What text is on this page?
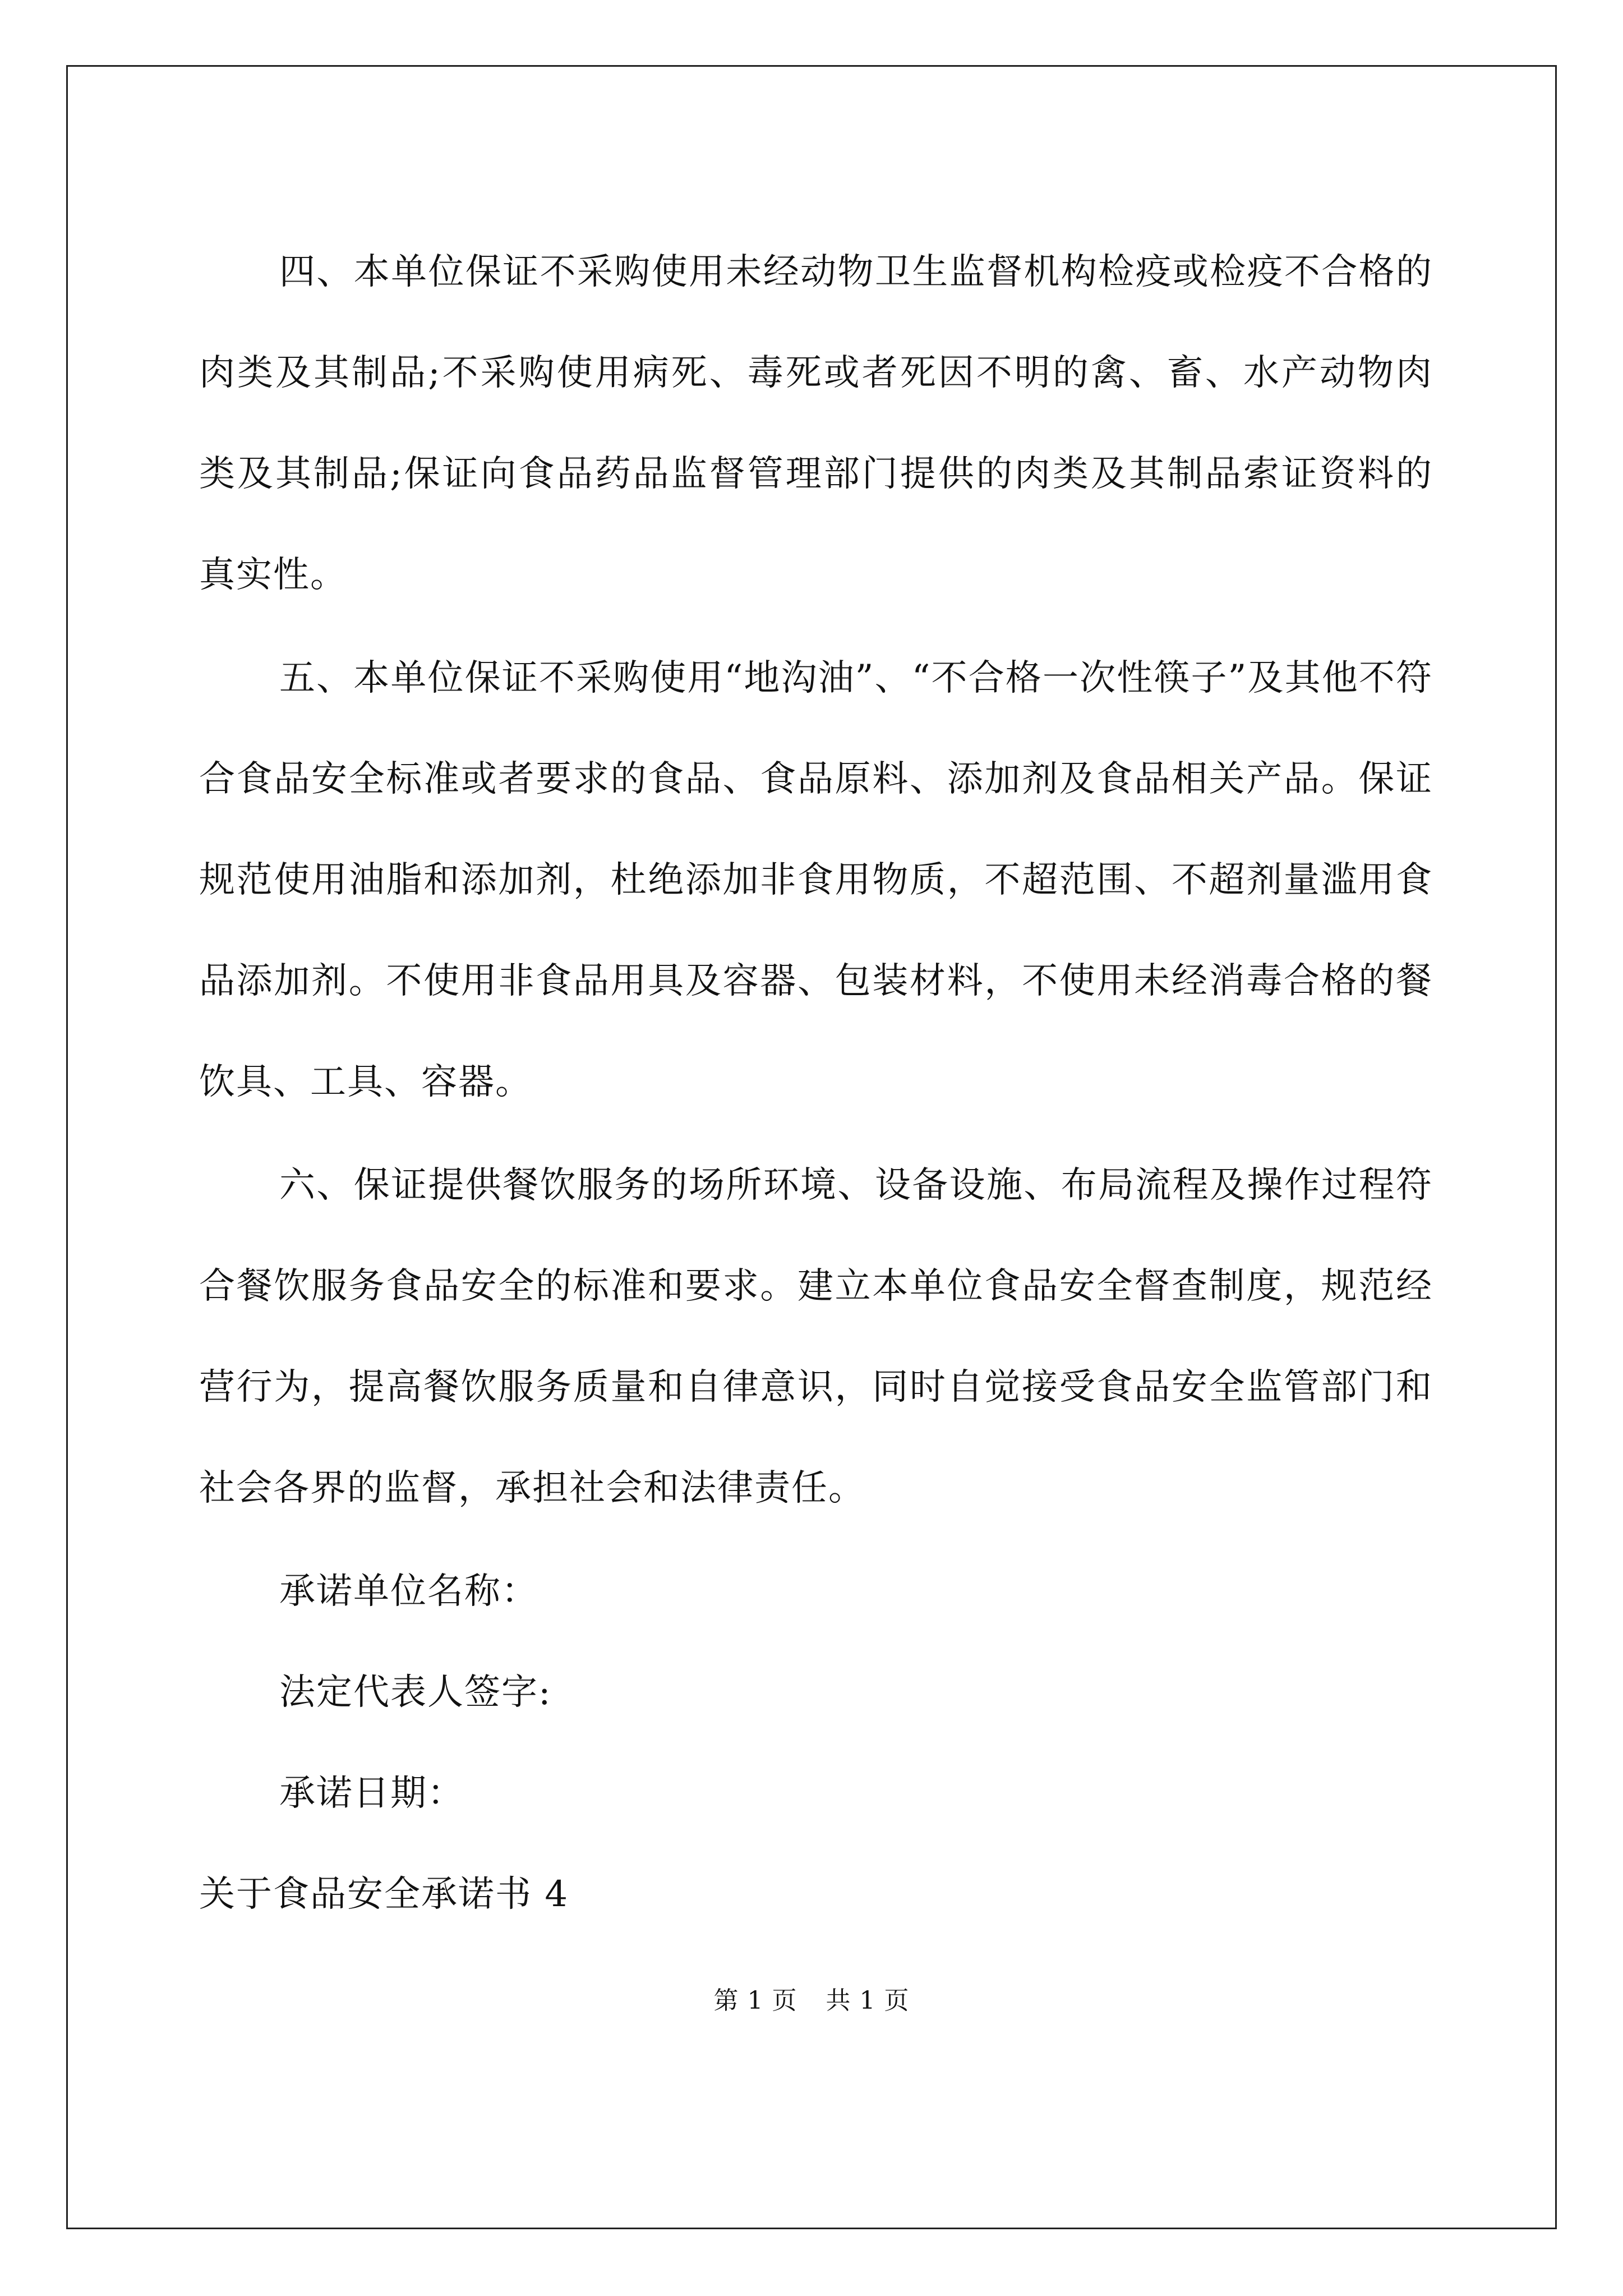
四、本单位保证不采购使用未经动物卫生监督机构检疫或检疫不合格的肉类及其制品;不采购使用病死、毒死或者死因不明的禽、畜、水产动物肉类及其制品;保证向食品药品监督管理部门提供的肉类及其制品索证资料的真实性。

五、本单位保证不采购使用“地沟油”、“不合格一次性筷子”及其他不符合食品安全标准或者要求的食品、食品原料、添加剂及食品相关产品。保证规范使用油脂和添加剂，杜绝添加非食用物质，不超范围、不超剂量滥用食品添加剂。不使用非食品用具及容器、包装材料，不使用未经消毒合格的餐饮具、工具、容器。

六、保证提供餐饮服务的场所环境、设备设施、布局流程及操作过程符合餐饮服务食品安全的标准和要求。建立本单位食品安全督查制度，规范经营行为，提高餐饮服务质量和自律意识，同时自觉接受食品安全监管部门和社会各界的监督，承担社会和法律责任。

承诺单位名称：
法定代表人签字:
承诺日期：
关于食品安全承诺书 4
第 1 页 共 1 页
